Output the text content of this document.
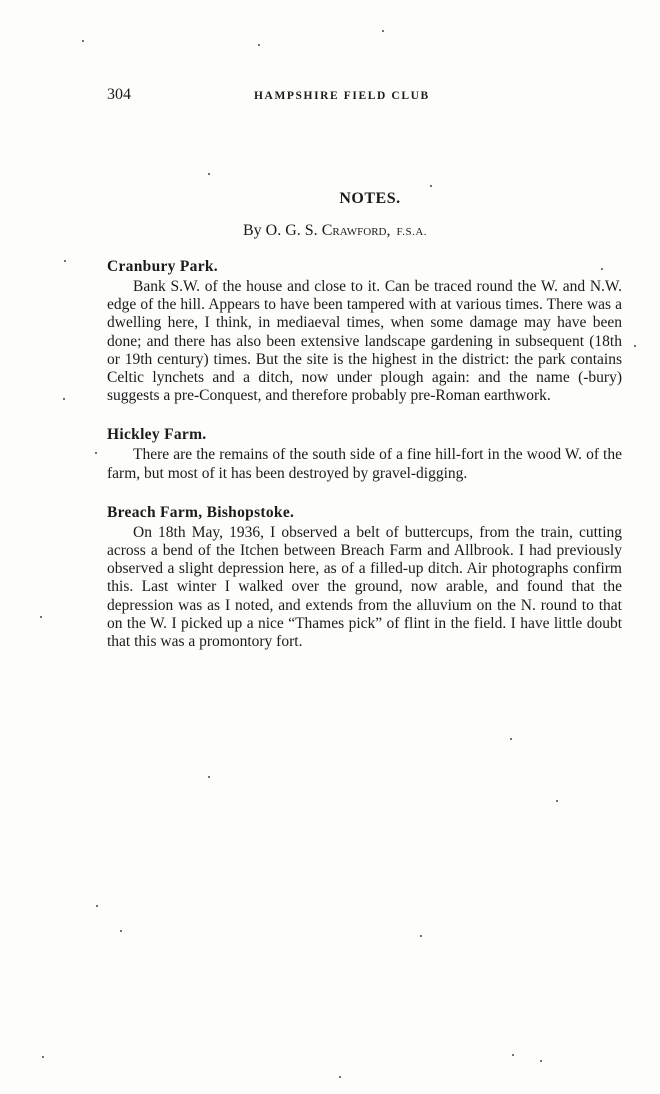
304	HAMPSHIRE FIELD CLUB
NOTES.
By O. G. S. Crawford, F.S.A.
Cranbury Park.

Bank S.W. of the house and close to it. Can be traced round the W. and N.W. edge of the hill. Appears to have been tampered with at various times. There was a dwelling here, I think, in mediaeval times, when some damage may have been done; and there has also been extensive landscape gardening in subsequent (18th or 19th century) times. But the site is the highest in the district: the park contains Celtic lynchets and a ditch, now under plough again: and the name (-bury) suggests a pre-Conquest, and therefore probably pre-Roman earthwork.

Hickley Farm.

There are the remains of the south side of a fine hill-fort in the wood W. of the farm, but most of it has been destroyed by gravel-digging.

Breach Farm, Bishopstoke.

On 18th May, 1936, I observed a belt of buttercups, from the train, cutting across a bend of the Itchen between Breach Farm and Allbrook. I had previously observed a slight depression here, as of a filled-up ditch. Air photographs confirm this. Last winter I walked over the ground, now arable, and found that the depression was as I noted, and extends from the alluvium on the N. round to that on the W. I picked up a nice “Thames pick” of flint in the field. I have little doubt that this was a promontory fort.
